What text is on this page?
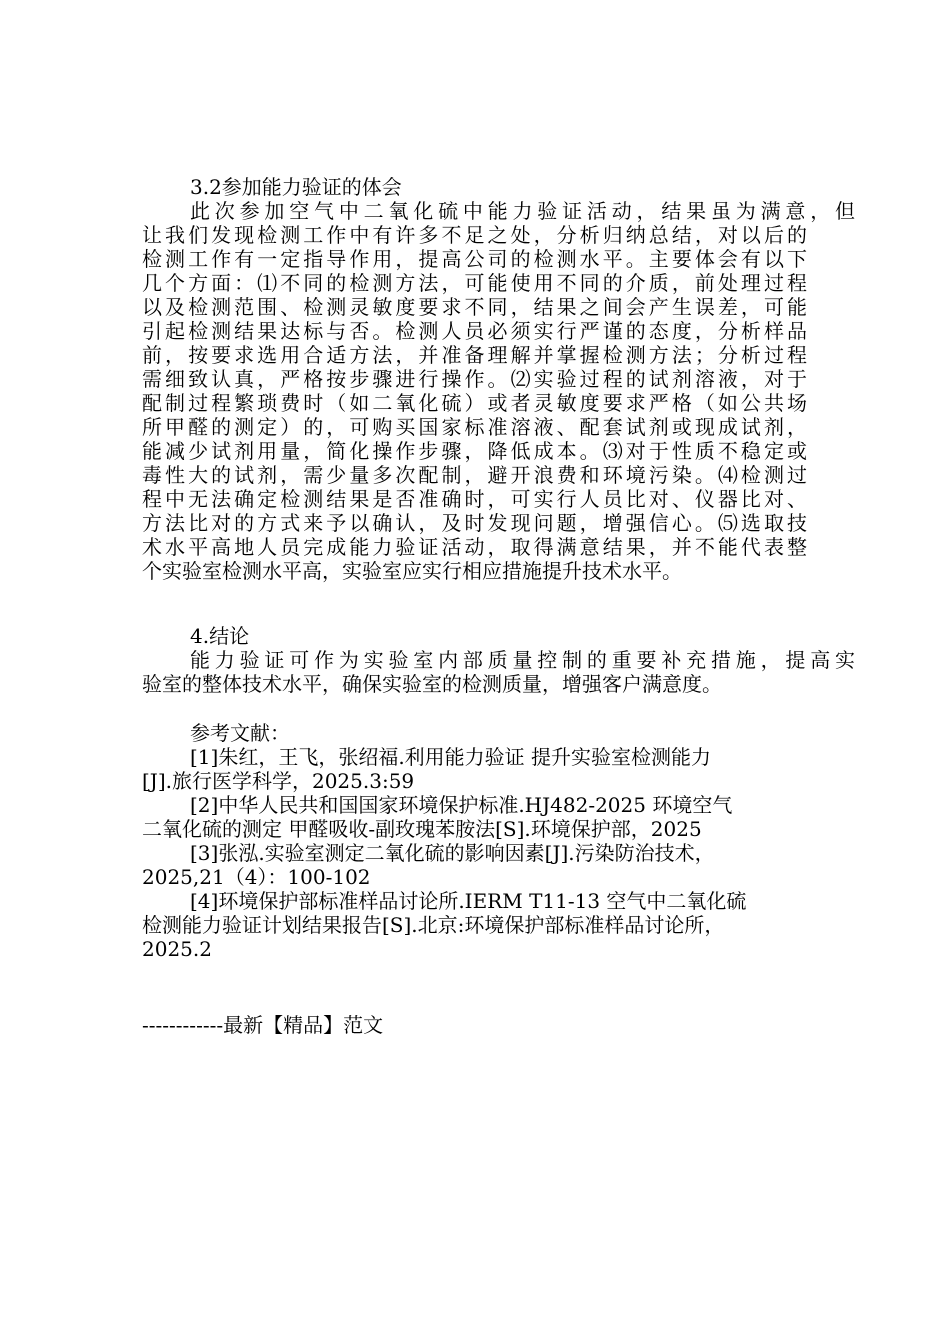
3.2参加能力验证的体会
此次参加空气中二氧化硫中能力验证活动，结果虽为满意，但
让我们发现检测工作中有许多不足之处，分析归纳总结，对以后的
检测工作有一定指导作用，提高公司的检测水平。主要体会有以下
几个方面：⑴不同的检测方法，可能使用不同的介质，前处理过程
以及检测范围、检测灵敏度要求不同，结果之间会产生误差，可能
引起检测结果达标与否。检测人员必须实行严谨的态度，分析样品
前，按要求选用合适方法，并准备理解并掌握检测方法；分析过程
需细致认真，严格按步骤进行操作。⑵实验过程的试剂溶液，对于
配制过程繁琐费时（如二氧化硫）或者灵敏度要求严格（如公共场
所甲醛的测定）的，可购买国家标准溶液、配套试剂或现成试剂，
能减少试剂用量，简化操作步骤，降低成本。⑶对于性质不稳定或
毒性大的试剂，需少量多次配制，避开浪费和环境污染。⑷检测过
程中无法确定检测结果是否准确时，可实行人员比对、仪器比对、
方法比对的方式来予以确认，及时发现问题，增强信心。⑸选取技
术水平高地人员完成能力验证活动，取得满意结果，并不能代表整
个实验室检测水平高，实验室应实行相应措施提升技术水平。
4.结论
能力验证可作为实验室内部质量控制的重要补充措施，提高实
验室的整体技术水平，确保实验室的检测质量，增强客户满意度。
参考文献：
[1]朱红，王飞，张绍福.利用能力验证 提升实验室检测能力
[J].旅行医学科学，2025.3:59
[2]中华人民共和国国家环境保护标准.HJ482-2025 环境空气
二氧化硫的测定 甲醛吸收-副玫瑰苯胺法[S].环境保护部，2025
[3]张泓.实验室测定二氧化硫的影响因素[J].污染防治技术，
2025,21（4）：100-102
[4]环境保护部标准样品讨论所.IERM T11-13 空气中二氧化硫
检测能力验证计划结果报告[S].北京:环境保护部标准样品讨论所，
2025.2
------------最新【精品】范文
